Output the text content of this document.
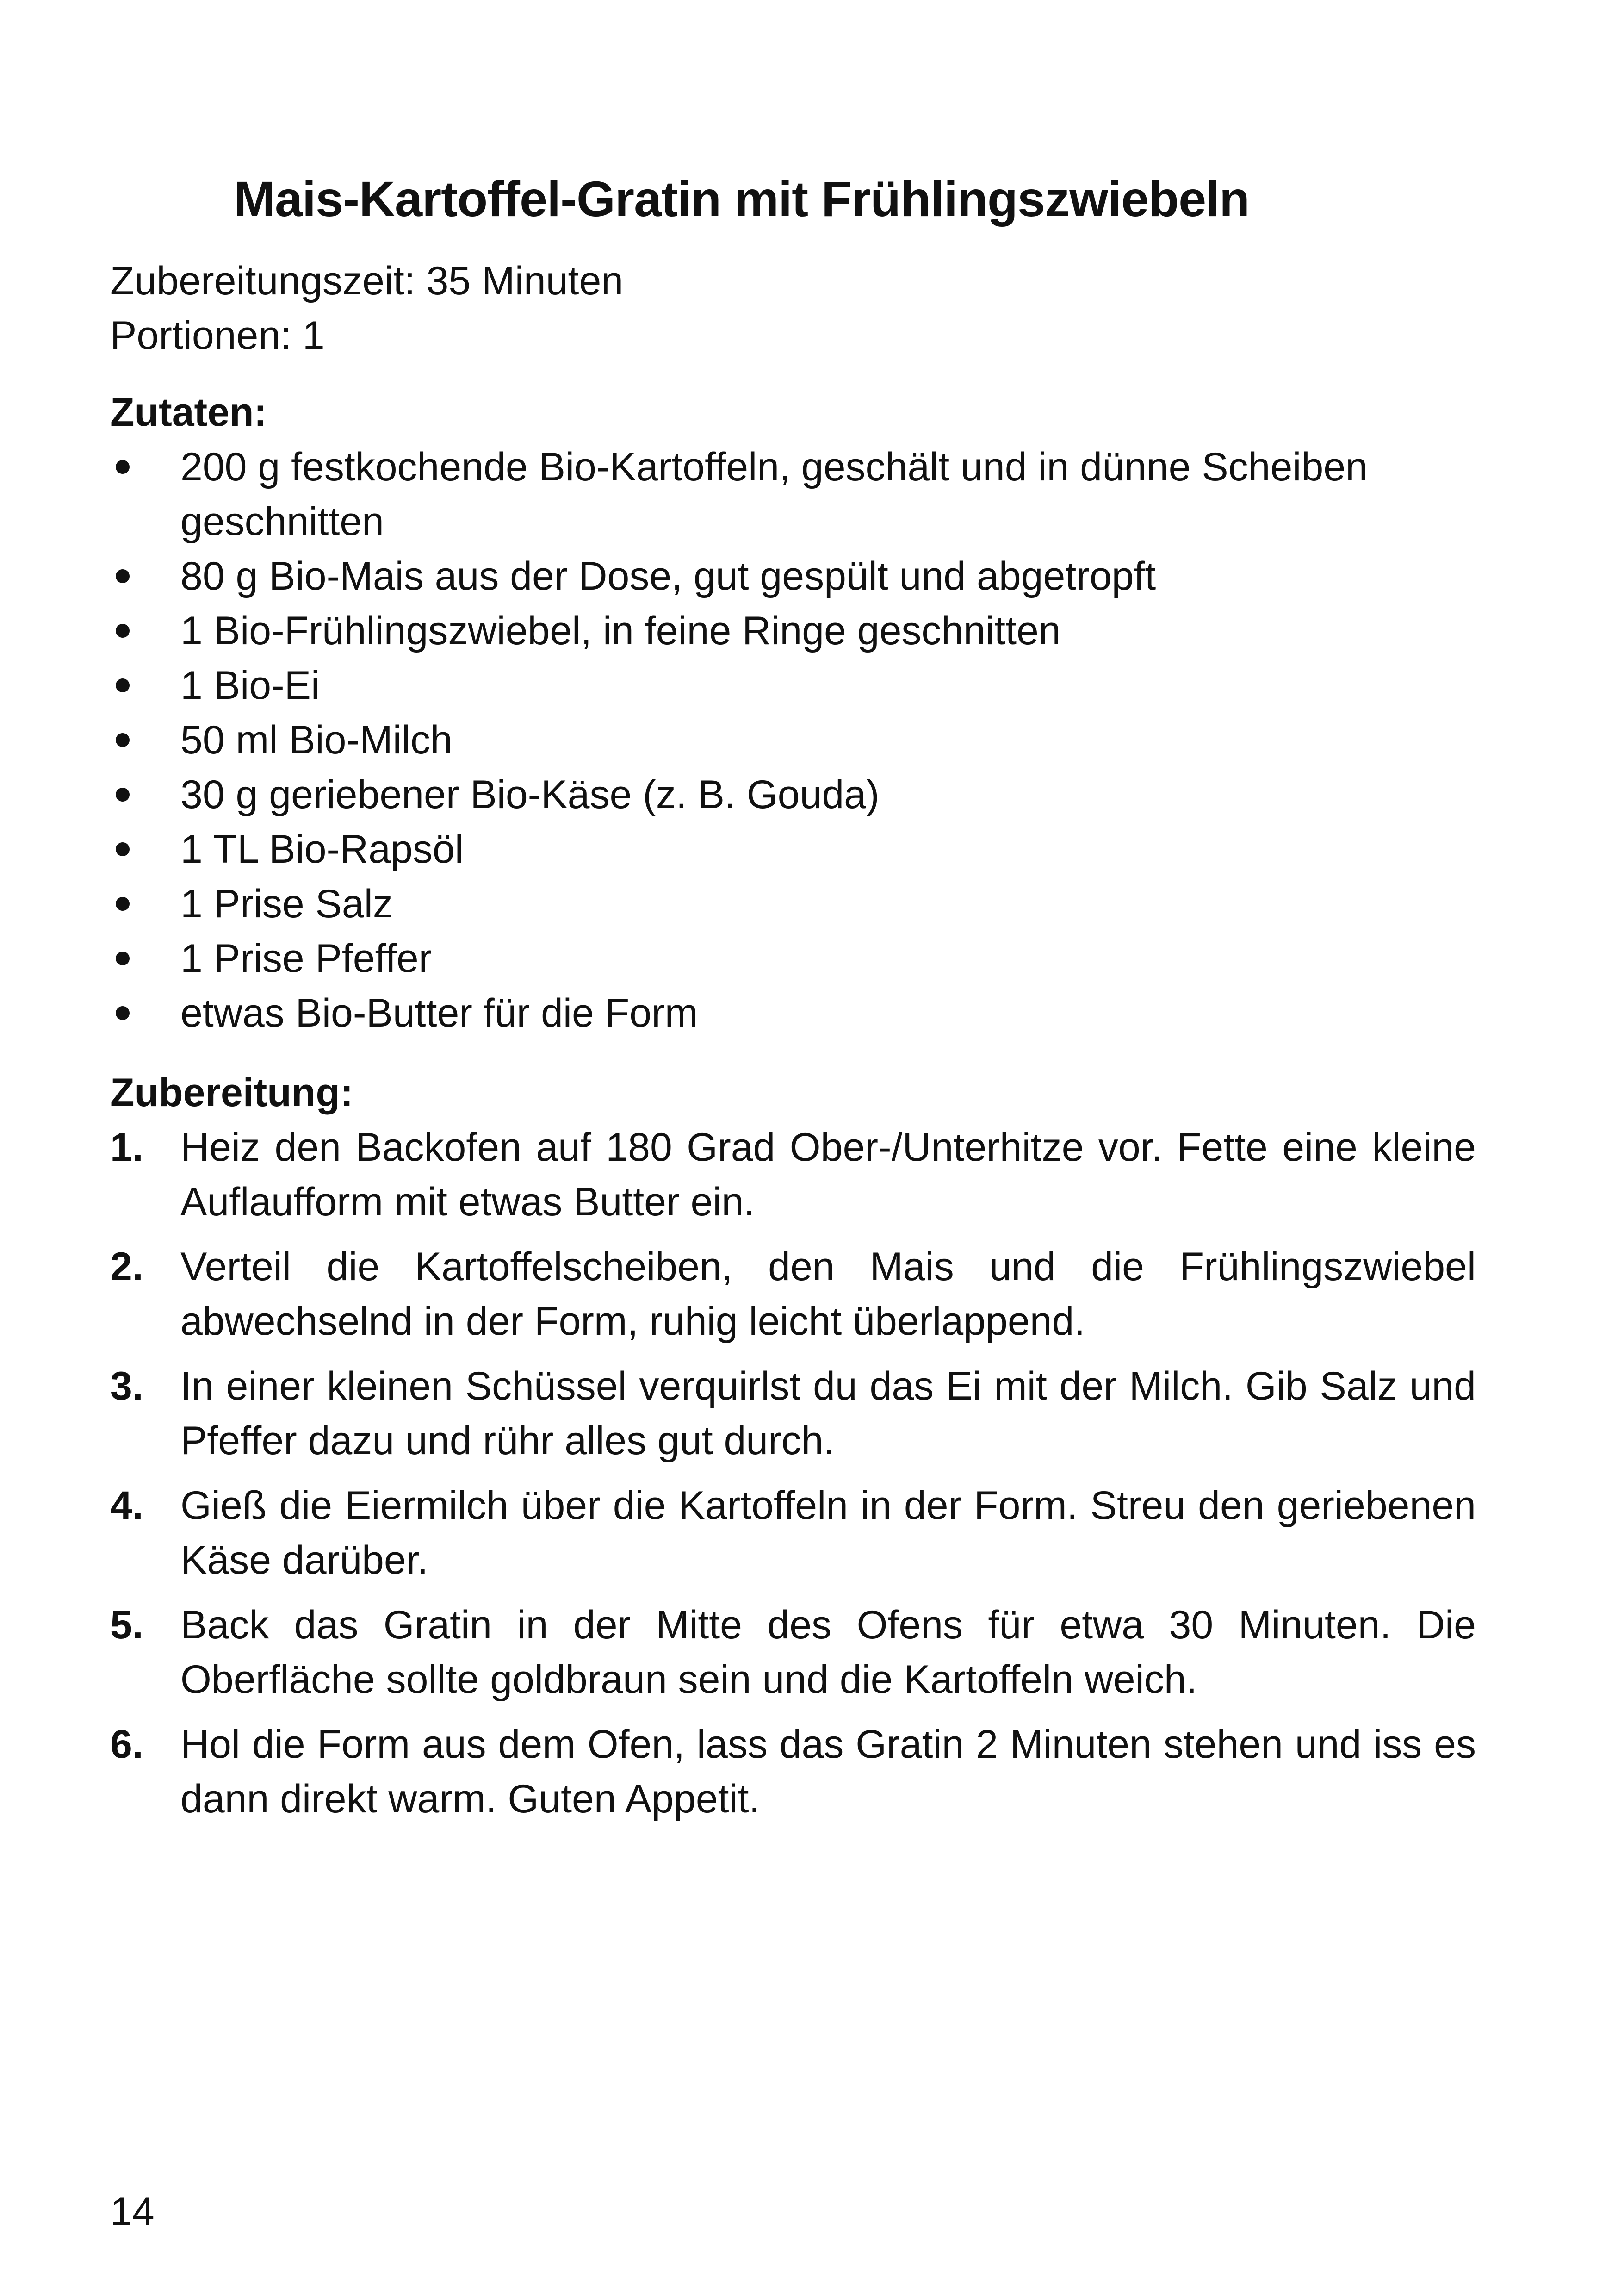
Mais-Kartoffel-Gratin mit Frühlingszwiebeln
Zubereitungszeit: 35 Minuten
Portionen: 1
Zutaten:
200 g festkochende Bio-Kartoffeln, geschält und in dünne Scheiben geschnitten
80 g Bio-Mais aus der Dose, gut gespült und abgetropft
1 Bio-Frühlingszwiebel, in feine Ringe geschnitten
1 Bio-Ei
50 ml Bio-Milch
30 g geriebener Bio-Käse (z. B. Gouda)
1 TL Bio-Rapsöl
1 Prise Salz
1 Prise Pfeffer
etwas Bio-Butter für die Form
Zubereitung:
1. Heiz den Backofen auf 180 Grad Ober-/Unterhitze vor. Fette eine kleine Auflaufform mit etwas Butter ein.
2. Verteil die Kartoffelscheiben, den Mais und die Frühlingszwiebel abwechselnd in der Form, ruhig leicht überlappend.
3. In einer kleinen Schüssel verquirlst du das Ei mit der Milch. Gib Salz und Pfeffer dazu und rühr alles gut durch.
4. Gieß die Eiermilch über die Kartoffeln in der Form. Streu den geriebenen Käse darüber.
5. Back das Gratin in der Mitte des Ofens für etwa 30 Minuten. Die Oberfläche sollte goldbraun sein und die Kartoffeln weich.
6. Hol die Form aus dem Ofen, lass das Gratin 2 Minuten stehen und iss es dann direkt warm. Guten Appetit.
14
